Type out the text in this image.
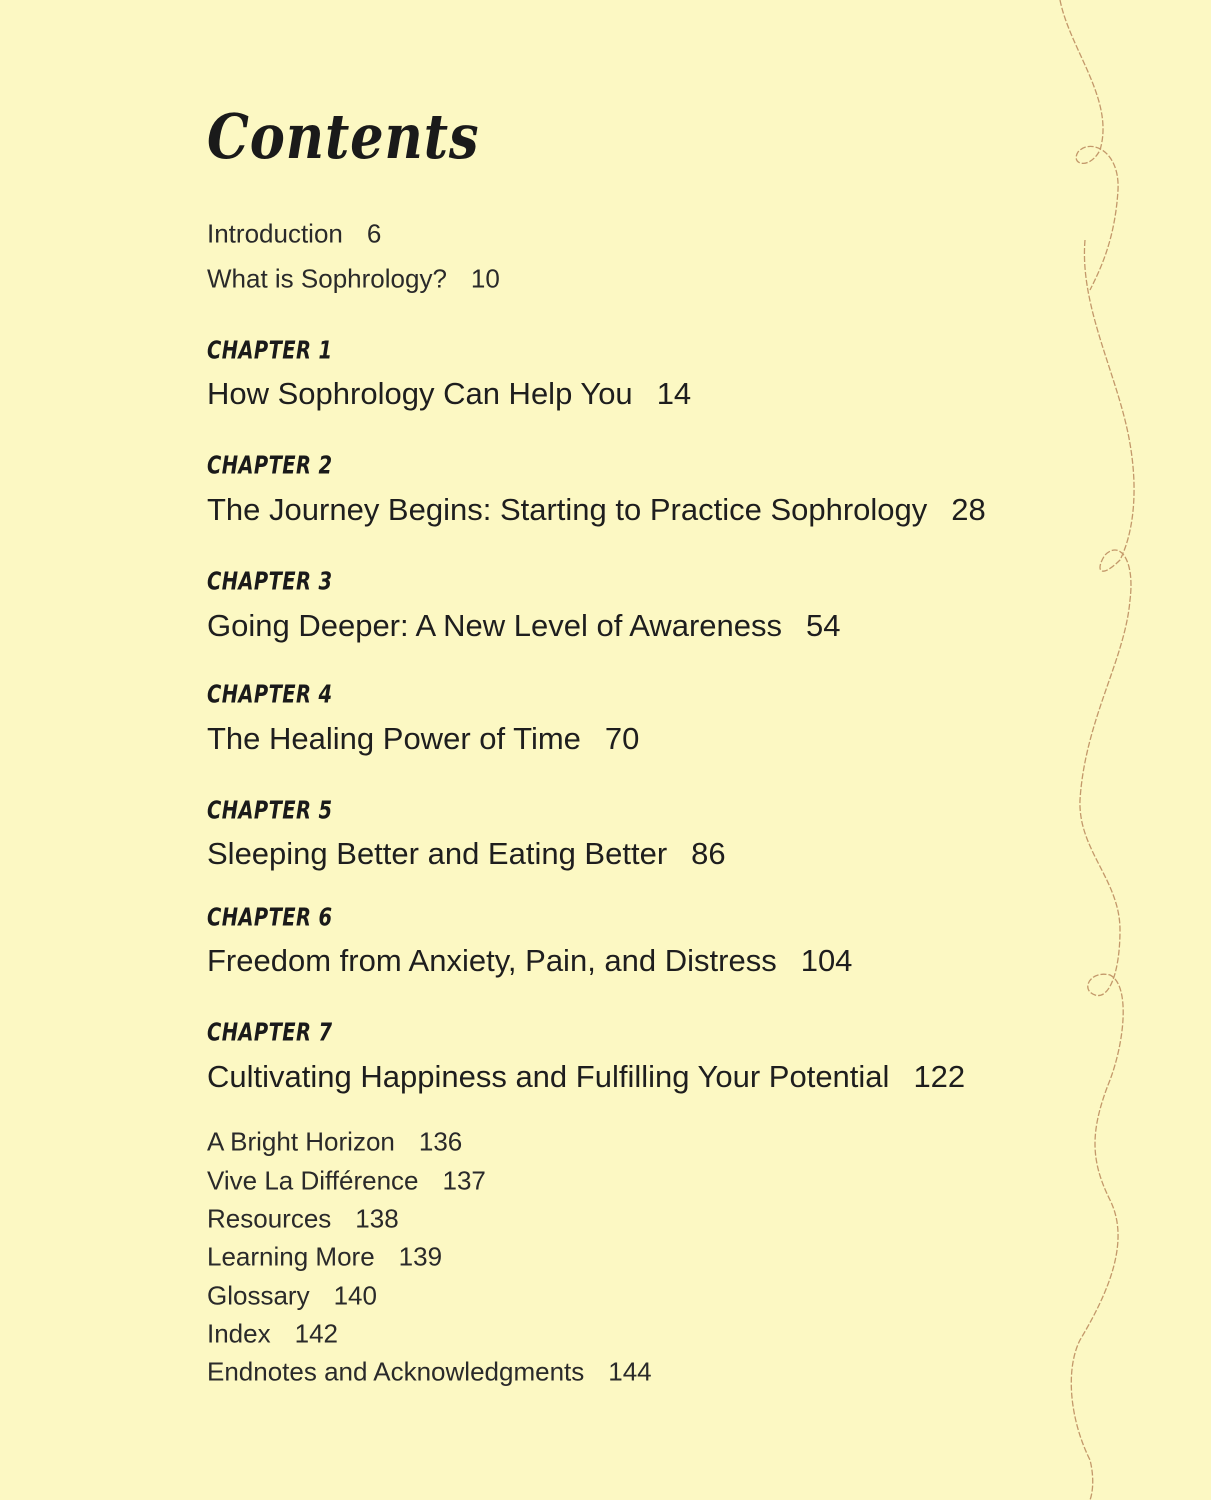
Contents
Introduction 6
What is Sophrology? 10
CHAPTER 1
How Sophrology Can Help You 14
CHAPTER 2
The Journey Begins: Starting to Practice Sophrology 28
CHAPTER 3
Going Deeper: A New Level of Awareness 54
CHAPTER 4
The Healing Power of Time 70
CHAPTER 5
Sleeping Better and Eating Better 86
CHAPTER 6
Freedom from Anxiety, Pain, and Distress 104
CHAPTER 7
Cultivating Happiness and Fulfilling Your Potential 122
A Bright Horizon 136
Vive La Différence 137
Resources 138
Learning More 139
Glossary 140
Index 142
Endnotes and Acknowledgments 144
